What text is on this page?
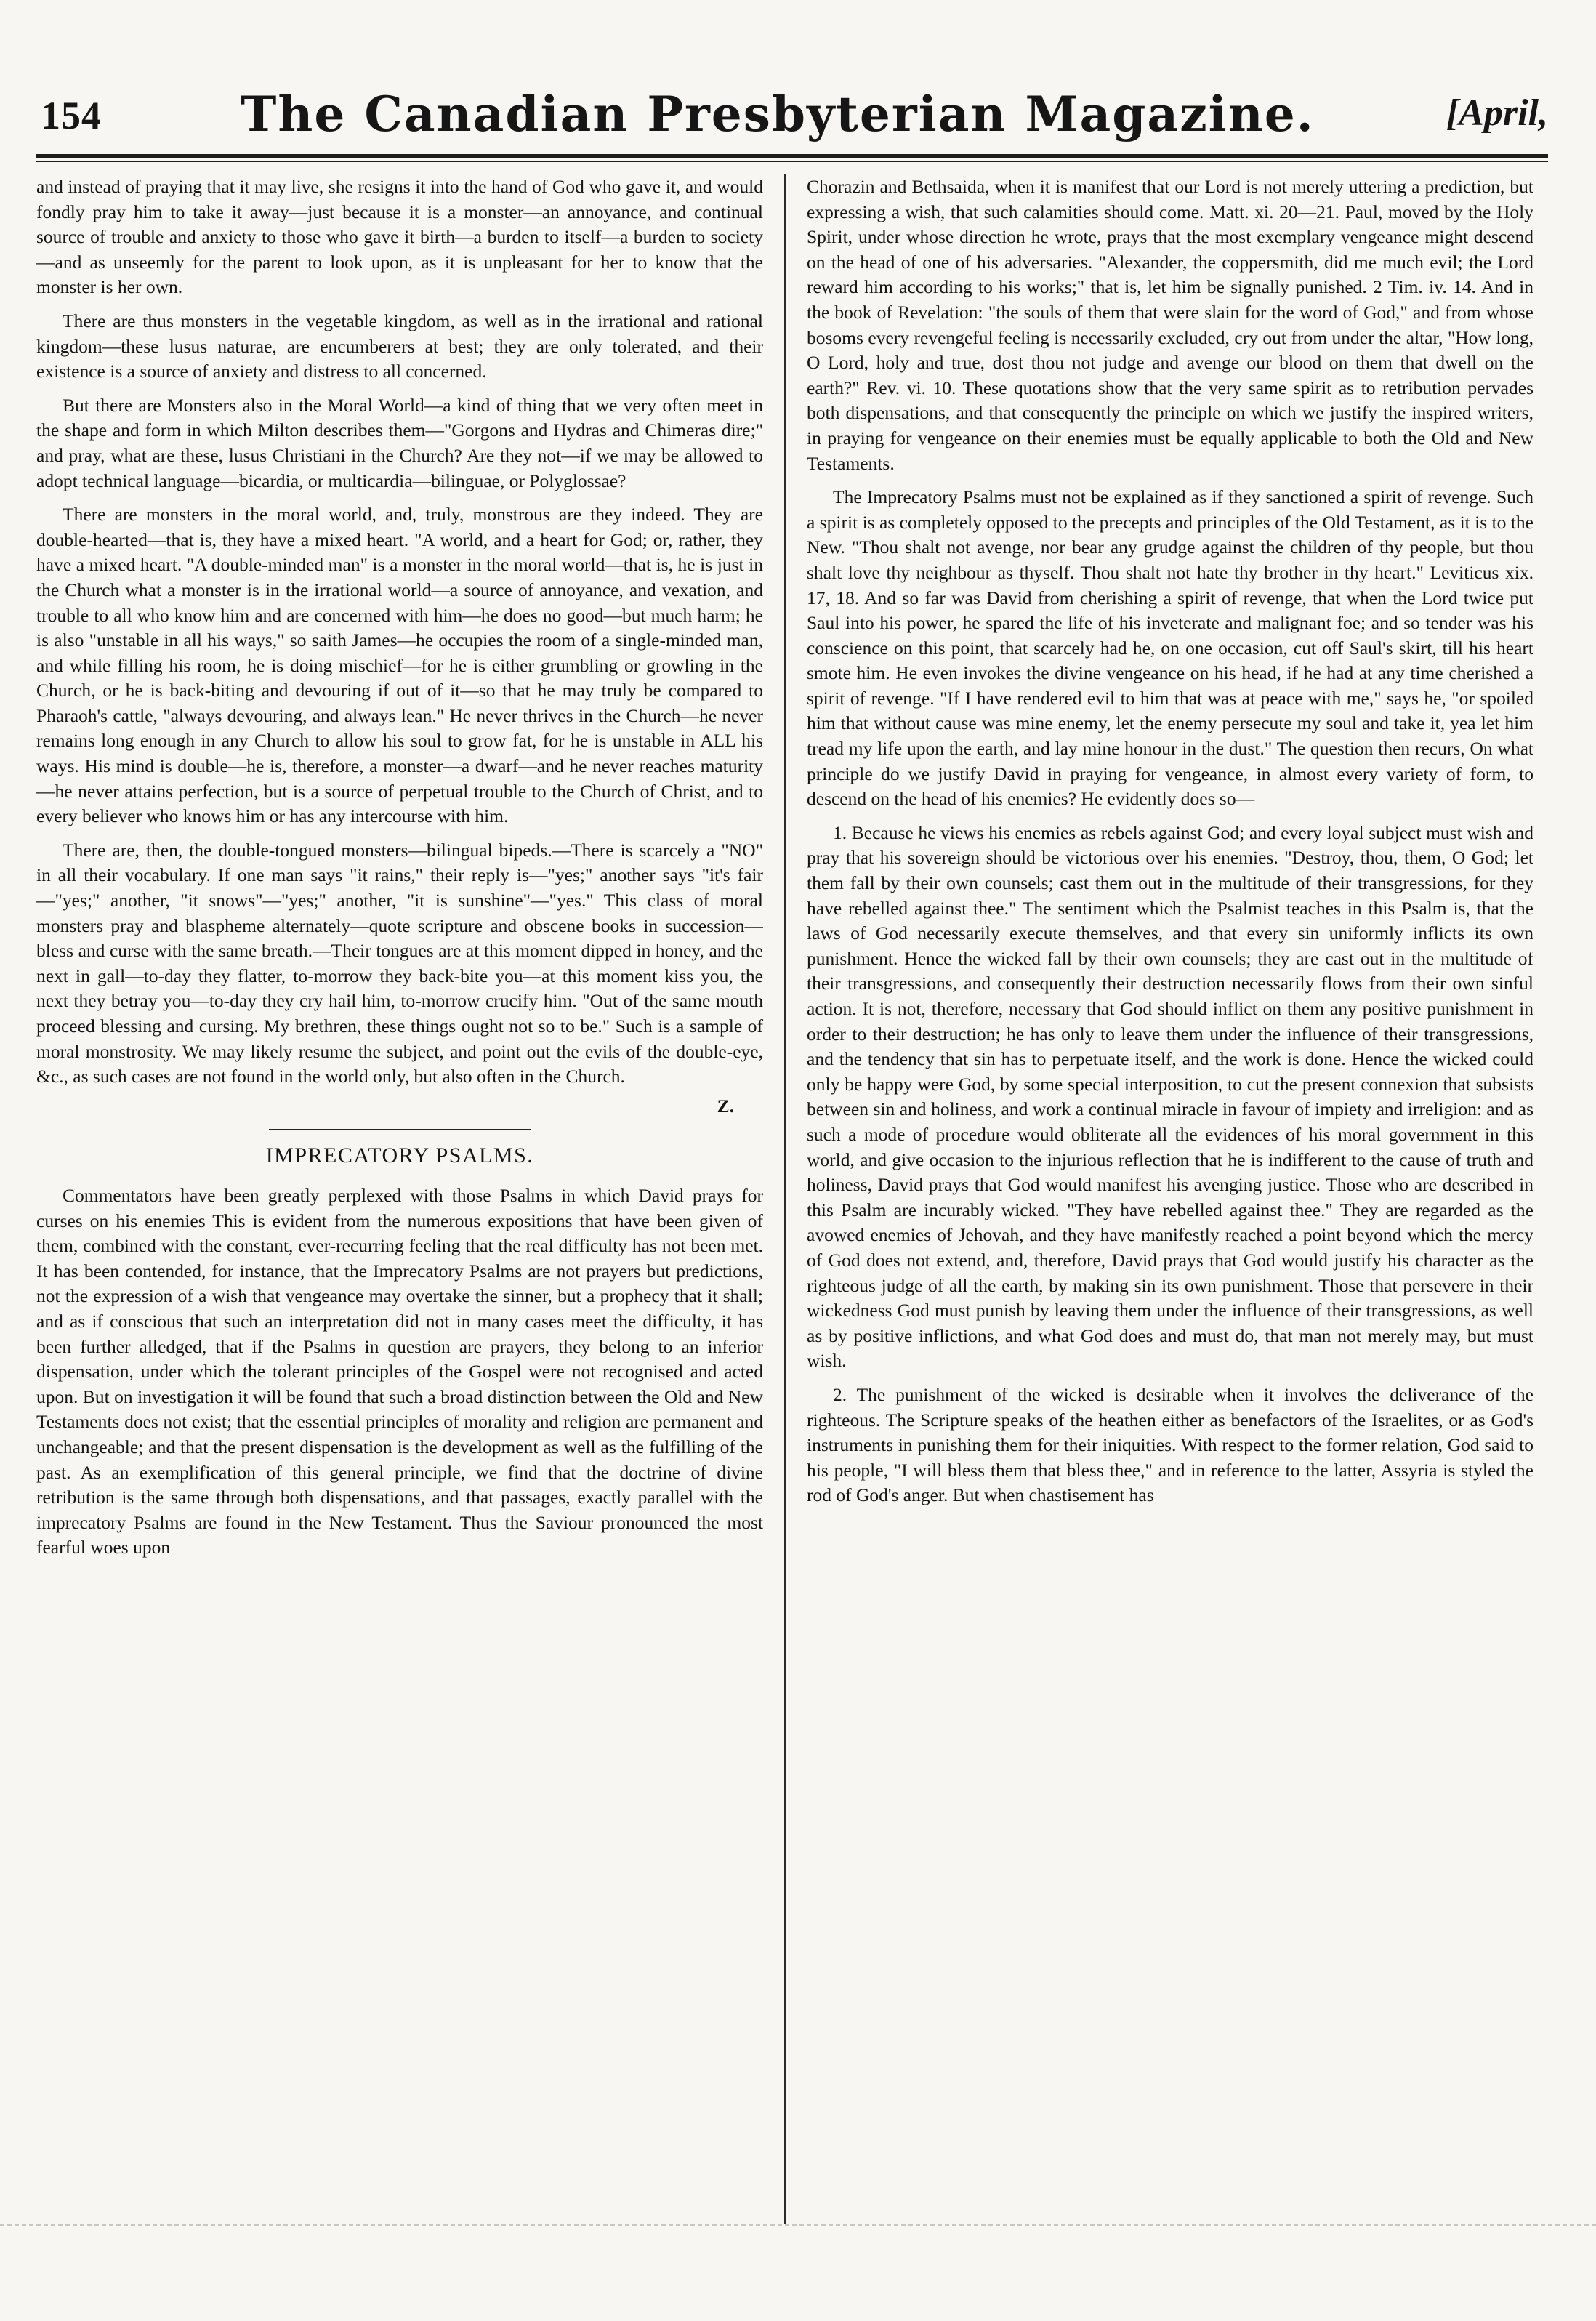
154	The Canadian Presbyterian Magazine.	[April,

and instead of praying that it may live, she resigns it into the hand of God who gave it, and would fondly pray him to take it away—just because it is a monster—an annoyance, and continual source of trouble and anxiety to those who gave it birth—a burden to itself—a burden to society—and as unseemly for the parent to look upon, as it is unpleasant for her to know that the monster is her own.

There are thus monsters in the vegetable kingdom, as well as in the irrational and rational kingdom—these lusus naturae, are encumberers at best; they are only tolerated, and their existence is a source of anxiety and distress to all concerned.

But there are Monsters also in the Moral World—a kind of thing that we very often meet in the shape and form in which Milton describes them—"Gorgons and Hydras and Chimeras dire;" and pray, what are these, lusus Christiani in the Church? Are they not—if we may be allowed to adopt technical language—bicardia, or multicardia—bilinguae, or Polyglossae?

There are monsters in the moral world, and, truly, monstrous are they indeed. They are double-hearted—that is, they have a mixed heart. "A world, and a heart for God; or, rather, they have a mixed heart. "A double-minded man" is a monster in the moral world—that is, he is just in the Church what a monster is in the irrational world—a source of annoyance, and vexation, and trouble to all who know him and are concerned with him—he does no good—but much harm; he is also "unstable in all his ways," so saith James—he occupies the room of a single-minded man, and while filling his room, he is doing mischief—for he is either grumbling or growling in the Church, or he is back-biting and devouring if out of it—so that he may truly be compared to Pharaoh's cattle, "always devouring, and always lean." He never thrives in the Church—he never remains long enough in any Church to allow his soul to grow fat, for he is unstable in ALL his ways. His mind is double—he is, therefore, a monster—a dwarf—and he never reaches maturity—he never attains perfection, but is a source of perpetual trouble to the Church of Christ, and to every believer who knows him or has any intercourse with him.

There are, then, the double-tongued monsters—bilingual bipeds.—There is scarcely a "NO" in all their vocabulary. If one man says "it rains," their reply is—"yes;" another says "it's fair—"yes;" another, "it snows"—"yes;" another, "it is sunshine"—"yes." This class of moral monsters pray and blaspheme alternately—quote scripture and obscene books in succession—bless and curse with the same breath.—Their tongues are at this moment dipped in honey, and the next in gall—to-day they flatter, to-morrow they back-bite you—at this moment kiss you, the next they betray you—to-day they cry hail him, to-morrow crucify him. "Out of the same mouth proceed blessing and cursing. My brethren, these things ought not so to be." Such is a sample of moral monstrosity. We may likely resume the subject, and point out the evils of the double-eye, &c., as such cases are not found in the world only, but also often in the Church.

Z.
IMPRECATORY PSALMS.

Commentators have been greatly perplexed with those Psalms in which David prays for curses on his enemies This is evident from the numerous expositions that have been given of them, combined with the constant, ever-recurring feeling that the real difficulty has not been met. It has been contended, for instance, that the Imprecatory Psalms are not prayers but predictions, not the expression of a wish that vengeance may overtake the sinner, but a prophecy that it shall; and as if conscious that such an interpretation did not in many cases meet the difficulty, it has been further alledged, that if the Psalms in question are prayers, they belong to an inferior dispensation, under which the tolerant principles of the Gospel were not recognised and acted upon. But on investigation it will be found that such a broad distinction between the Old and New Testaments does not exist; that the essential principles of morality and religion are permanent and unchangeable; and that the present dispensation is the development as well as the fulfilling of the past. As an exemplification of this general principle, we find that the doctrine of divine retribution is the same through both dispensations, and that passages, exactly parallel with the imprecatory Psalms are found in the New Testament. Thus the Saviour pronounced the most fearful woes upon

Chorazin and Bethsaida, when it is manifest that our Lord is not merely uttering a prediction, but expressing a wish, that such calamities should come. Matt. xi. 20—21. Paul, moved by the Holy Spirit, under whose direction he wrote, prays that the most exemplary vengeance might descend on the head of one of his adversaries. "Alexander, the coppersmith, did me much evil; the Lord reward him according to his works;" that is, let him be signally punished. 2 Tim. iv. 14. And in the book of Revelation: "the souls of them that were slain for the word of God," and from whose bosoms every revengeful feeling is necessarily excluded, cry out from under the altar, "How long, O Lord, holy and true, dost thou not judge and avenge our blood on them that dwell on the earth?" Rev. vi. 10. These quotations show that the very same spirit as to retribution pervades both dispensations, and that consequently the principle on which we justify the inspired writers, in praying for vengeance on their enemies must be equally applicable to both the Old and New Testaments.

The Imprecatory Psalms must not be explained as if they sanctioned a spirit of revenge. Such a spirit is as completely opposed to the precepts and principles of the Old Testament, as it is to the New. "Thou shalt not avenge, nor bear any grudge against the children of thy people, but thou shalt love thy neighbour as thyself. Thou shalt not hate thy brother in thy heart." Leviticus xix. 17, 18. And so far was David from cherishing a spirit of revenge, that when the Lord twice put Saul into his power, he spared the life of his inveterate and malignant foe; and so tender was his conscience on this point, that scarcely had he, on one occasion, cut off Saul's skirt, till his heart smote him. He even invokes the divine vengeance on his head, if he had at any time cherished a spirit of revenge. "If I have rendered evil to him that was at peace with me," says he, "or spoiled him that without cause was mine enemy, let the enemy persecute my soul and take it, yea let him tread my life upon the earth, and lay mine honour in the dust." The question then recurs, On what principle do we justify David in praying for vengeance, in almost every variety of form, to descend on the head of his enemies? He evidently does so—

1. Because he views his enemies as rebels against God; and every loyal subject must wish and pray that his sovereign should be victorious over his enemies. "Destroy, thou, them, O God; let them fall by their own counsels; cast them out in the multitude of their transgressions, for they have rebelled against thee." The sentiment which the Psalmist teaches in this Psalm is, that the laws of God necessarily execute themselves, and that every sin uniformly inflicts its own punishment. Hence the wicked fall by their own counsels; they are cast out in the multitude of their transgressions, and consequently their destruction necessarily flows from their own sinful action. It is not, therefore, necessary that God should inflict on them any positive punishment in order to their destruction; he has only to leave them under the influence of their transgressions, and the tendency that sin has to perpetuate itself, and the work is done. Hence the wicked could only be happy were God, by some special interposition, to cut the present connexion that subsists between sin and holiness, and work a continual miracle in favour of impiety and irreligion: and as such a mode of procedure would obliterate all the evidences of his moral government in this world, and give occasion to the injurious reflection that he is indifferent to the cause of truth and holiness, David prays that God would manifest his avenging justice. Those who are described in this Psalm are incurably wicked. "They have rebelled against thee." They are regarded as the avowed enemies of Jehovah, and they have manifestly reached a point beyond which the mercy of God does not extend, and, therefore, David prays that God would justify his character as the righteous judge of all the earth, by making sin its own punishment. Those that persevere in their wickedness God must punish by leaving them under the influence of their transgressions, as well as by positive inflictions, and what God does and must do, that man not merely may, but must wish.

2. The punishment of the wicked is desirable when it involves the deliverance of the righteous. The Scripture speaks of the heathen either as benefactors of the Israelites, or as God's instruments in punishing them for their iniquities. With respect to the former relation, God said to his people, "I will bless them that bless thee," and in reference to the latter, Assyria is styled the rod of God's anger. But when chastisement has
